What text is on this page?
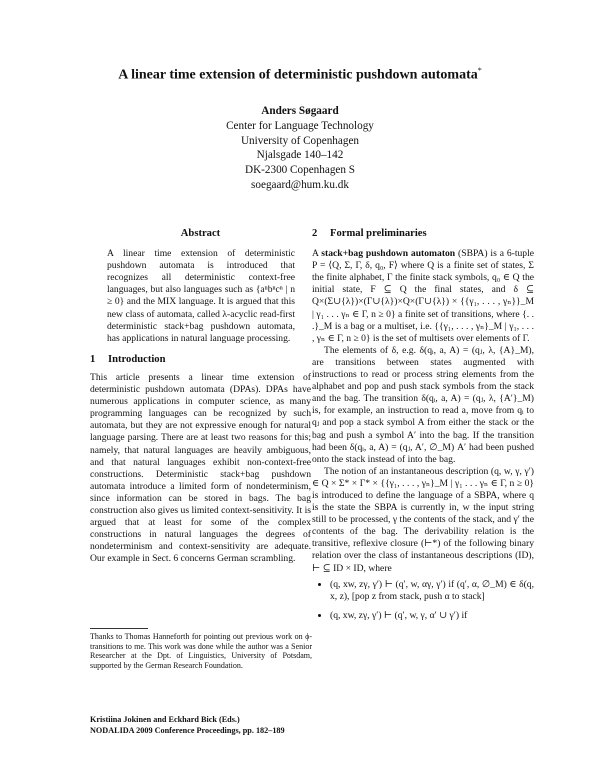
A linear time extension of deterministic pushdown automata*
Anders Søgaard
Center for Language Technology
University of Copenhagen
Njalsgade 140–142
DK-2300 Copenhagen S
soegaard@hum.ku.dk
Abstract

A linear time extension of deterministic pushdown automata is introduced that recognizes all deterministic context-free languages, but also languages such as {aⁿbⁿcⁿ | n ≥ 0} and the MIX language. It is argued that this new class of automata, called λ-acyclic read-first deterministic stack+bag pushdown automata, has applications in natural language processing.

1 Introduction

This article presents a linear time extension of deterministic pushdown automata (DPAs). DPAs have numerous applications in computer science, as many programming languages can be recognized by such automata, but they are not expressive enough for natural language parsing. There are at least two reasons for this; namely, that natural languages are heavily ambiguous, and that natural languages exhibit non-context-free constructions. Deterministic stack+bag pushdown automata introduce a limited form of nondeterminism, since information can be stored in bags. The bag construction also gives us limited context-sensitivity. It is argued that at least for some of the complex constructions in natural languages the degrees of nondeterminism and context-sensitivity are adequate. Our example in Sect. 6 concerns German scrambling.

Thanks to Thomas Hanneforth for pointing out previous work on ϕ-transitions to me. This work was done while the author was a Senior Researcher at the Dpt. of Linguistics, University of Potsdam, supported by the German Research Foundation.
Kristiina Jokinen and Eckhard Bick (Eds.)
NODALIDA 2009 Conference Proceedings, pp. 182–189
2 Formal preliminaries

A stack+bag pushdown automaton (SBPA) is a 6-tuple P = ⟨Q, Σ, Γ, δ, q₀, F⟩ where Q is a finite set of states, Σ the finite alphabet, Γ the finite stack symbols, q₀ ∈ Q the initial state, F ⊆ Q the final states, and δ ⊆ Q×(Σ∪{λ})×(Γ∪{λ})×Q×(Γ∪{λ}) × {{γ₁, . . . , γₙ}}_M | γ₁ . . . γₙ ∈ Γ, n ≥ 0} a finite set of transitions, where {. . .}_M is a bag or a multiset, i.e. {{γ₁, . . . , γₙ}_M | γ₁, . . . , γₙ ∈ Γ, n ≥ 0} is the set of multisets over elements of Γ.

The elements of δ, e.g. δ(qᵢ, a, A) = (qⱼ, λ, {A}_M), are transitions between states augmented with instructions to read or process string elements from the alphabet and pop and push stack symbols from the stack and the bag. The transition δ(qᵢ, a, A) = (qⱼ, λ, {A′}_M) is, for example, an instruction to read a, move from qᵢ to qⱼ and pop a stack symbol A from either the stack or the bag and push a symbol A′ into the bag. If the transition had been δ(qᵢ, a, A) = (qⱼ, A′, ∅_M) A′ had been pushed onto the stack instead of into the bag.

The notion of an instantaneous description (q, w, γ, γ′) ∈ Q × Σ* × Γ* × {{γ₁, . . . , γₙ}_M | γ₁ . . . γₙ ∈ Γ, n ≥ 0} is introduced to define the language of a SBPA, where q is the state the SBPA is currently in, w the input string still to be processed, γ the contents of the stack, and γ′ the contents of the bag. The derivability relation is the transitive, reflexive closure (⊢*) of the following binary relation over the class of instantaneous descriptions (ID), ⊢ ⊆ ID × ID, where

• (q, xw, zγ, γ′) ⊢ (q′, w, αγ, γ′) if (q′, α, ∅_M) ∈ δ(q, x, z), [pop z from stack, push α to stack]
• (q, xw, zγ, γ′) ⊢ (q′, w, γ, α′ ∪ γ′) if
